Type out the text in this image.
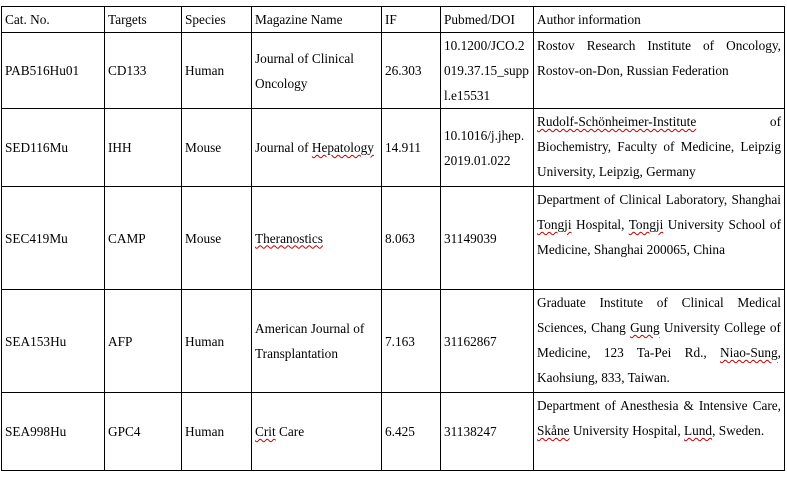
Cat. No.	Targets	Species	Magazine Name	IF	Pubmed/DOI	Author information
PAB516Hu01	CD133	Human	Journal of Clinical Oncology	26.303	10.1200/JCO.2019.37.15_suppl.e15531	Rostov Research Institute of Oncology, Rostov-on-Don, Russian Federation
SED116Mu	IHH	Mouse	Journal of Hepatology	14.911	10.1016/j.jhep.2019.01.022	Rudolf-Schönheimer-Institute of Biochemistry, Faculty of Medicine, Leipzig University, Leipzig, Germany
SEC419Mu	CAMP	Mouse	Theranostics	8.063	31149039	Department of Clinical Laboratory, Shanghai Tongji Hospital, Tongji University School of Medicine, Shanghai 200065, China
SEA153Hu	AFP	Human	American Journal of Transplantation	7.163	31162867	Graduate Institute of Clinical Medical Sciences, Chang Gung University College of Medicine, 123 Ta-Pei Rd., Niao-Sung, Kaohsiung, 833, Taiwan.
SEA998Hu	GPC4	Human	Crit Care	6.425	31138247	Department of Anesthesia & Intensive Care, Skåne University Hospital, Lund, Sweden.
